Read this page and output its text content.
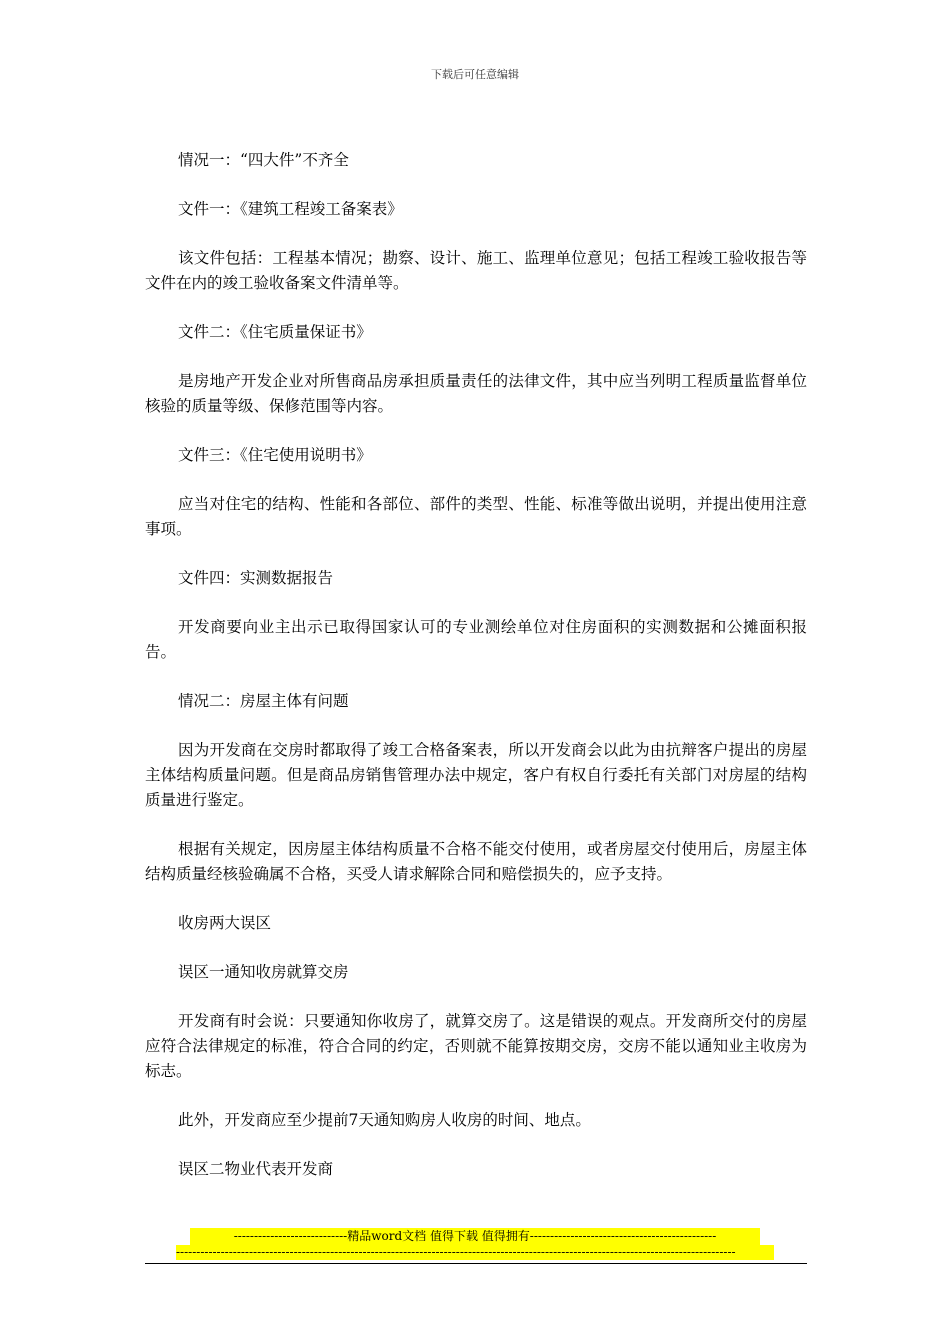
下载后可任意编辑

情况一：“四大件”不齐全

文件一：《建筑工程竣工备案表》

该文件包括：工程基本情况；勘察、设计、施工、监理单位意见；包括工程竣工验收报告等文件在内的竣工验收备案文件清单等。

文件二：《住宅质量保证书》

是房地产开发企业对所售商品房承担质量责任的法律文件，其中应当列明工程质量监督单位核验的质量等级、保修范围等内容。

文件三：《住宅使用说明书》

应当对住宅的结构、性能和各部位、部件的类型、性能、标准等做出说明，并提出使用注意事项。

文件四：实测数据报告

开发商要向业主出示已取得国家认可的专业测绘单位对住房面积的实测数据和公摊面积报告。

情况二：房屋主体有问题

因为开发商在交房时都取得了竣工合格备案表，所以开发商会以此为由抗辩客户提出的房屋主体结构质量问题。但是商品房销售管理办法中规定，客户有权自行委托有关部门对房屋的结构质量进行鉴定。

根据有关规定，因房屋主体结构质量不合格不能交付使用，或者房屋交付使用后，房屋主体结构质量经核验确属不合格，买受人请求解除合同和赔偿损失的，应予支持。

收房两大误区

误区一通知收房就算交房

开发商有时会说：只要通知你收房了，就算交房了。这是错误的观点。开发商所交付的房屋应符合法律规定的标准，符合合同的约定，否则就不能算按期交房，交房不能以通知业主收房为标志。

此外，开发商应至少提前7天通知购房人收房的时间、地点。

误区二物业代表开发商

----------------------------精品word文档 值得下载 值得拥有----------------------------------------------
------------------------------------------------------------------------------------------------------------------------------------------
